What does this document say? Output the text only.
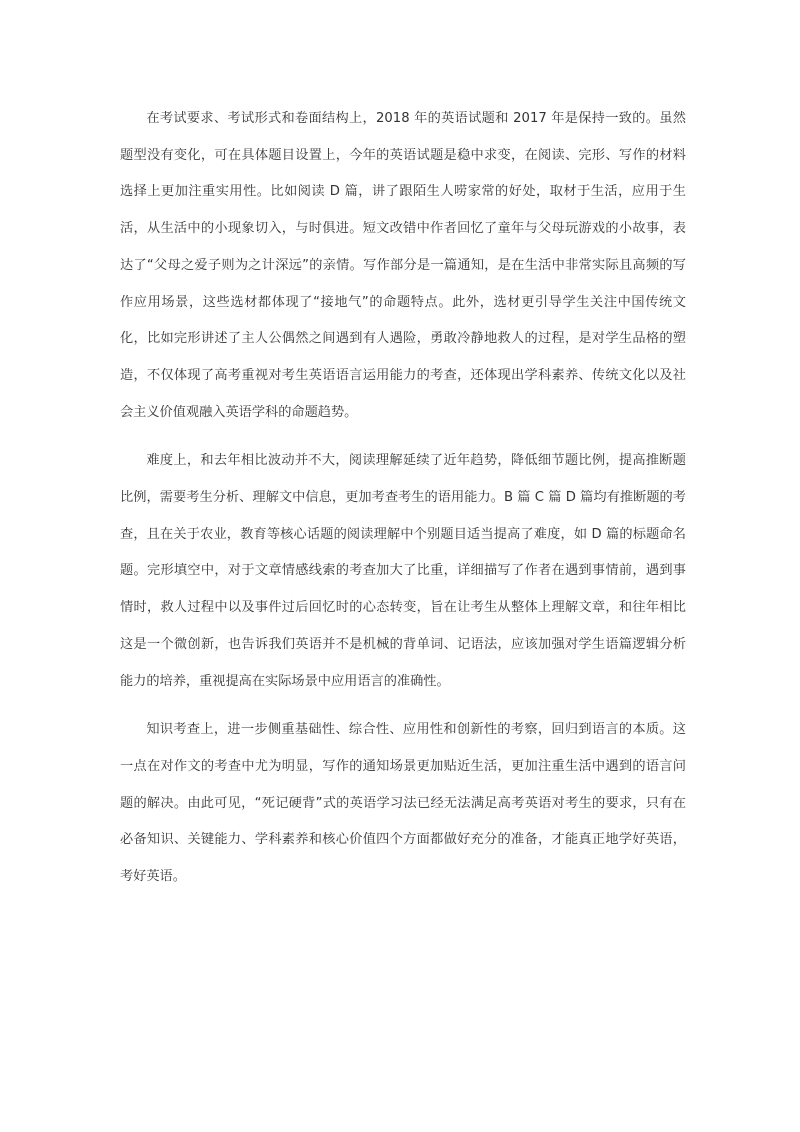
在考试要求、考试形式和卷面结构上，2018 年的英语试题和 2017 年是保持一致的。虽然题型没有变化，可在具体题目设置上，今年的英语试题是稳中求变，在阅读、完形、写作的材料选择上更加注重实用性。比如阅读 D 篇，讲了跟陌生人唠家常的好处，取材于生活，应用于生活，从生活中的小现象切入，与时俱进。短文改错中作者回忆了童年与父母玩游戏的小故事，表达了“父母之爱子则为之计深远”的亲情。写作部分是一篇通知，是在生活中非常实际且高频的写作应用场景，这些选材都体现了“接地气”的命题特点。此外，选材更引导学生关注中国传统文化，比如完形讲述了主人公偶然之间遇到有人遇险，勇敢冷静地救人的过程，是对学生品格的塑造，不仅体现了高考重视对考生英语语言运用能力的考查，还体现出学科素养、传统文化以及社会主义价值观融入英语学科的命题趋势。

难度上，和去年相比波动并不大，阅读理解延续了近年趋势，降低细节题比例，提高推断题比例，需要考生分析、理解文中信息，更加考查考生的语用能力。B 篇 C 篇 D 篇均有推断题的考查，且在关于农业，教育等核心话题的阅读理解中个别题目适当提高了难度，如 D 篇的标题命名题。完形填空中，对于文章情感线索的考查加大了比重，详细描写了作者在遇到事情前，遇到事情时，救人过程中以及事件过后回忆时的心态转变，旨在让考生从整体上理解文章，和往年相比这是一个微创新，也告诉我们英语并不是机械的背单词、记语法，应该加强对学生语篇逻辑分析能力的培养，重视提高在实际场景中应用语言的准确性。

知识考查上，进一步侧重基础性、综合性、应用性和创新性的考察，回归到语言的本质。这一点在对作文的考查中尤为明显，写作的通知场景更加贴近生活，更加注重生活中遇到的语言问题的解决。由此可见，“死记硬背”式的英语学习法已经无法满足高考英语对考生的要求，只有在必备知识、关键能力、学科素养和核心价值四个方面都做好充分的准备，才能真正地学好英语，考好英语。
